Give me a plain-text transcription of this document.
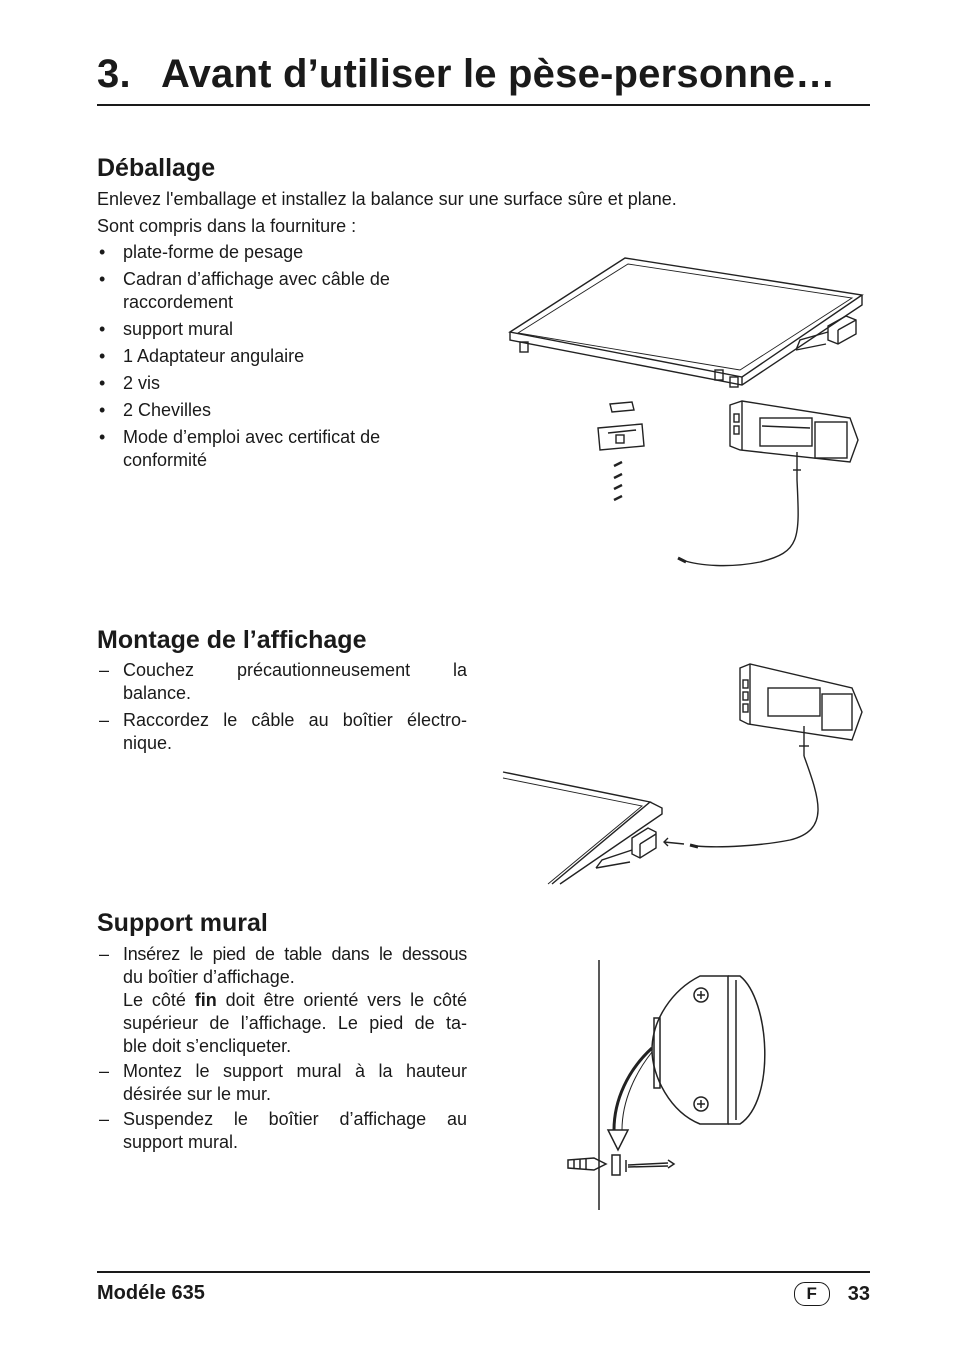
3. Avant d’utiliser le pèse-personne…
Déballage

Enlevez l'emballage et installez la balance sur une surface sûre et plane.

Sont compris dans la fourniture :

• plate-forme de pesage
• Cadran d’affichage avec câble de
raccordement
• support mural
• 1 Adaptateur angulaire
• 2 vis
• 2 Chevilles
• Mode d’emploi avec certificat de
conformité
Montage de l’affichage
– Couchez précautionneusement la
balance.
– Raccordez le câble au boîtier électro-
nique.
Support mural
– Insérez le pied de table dans le dessous
du boîtier d’affichage.
Le côté fin doit être orienté vers le côté
supérieur de l’affichage. Le pied de ta-
ble doit s’encliqueter.
– Montez le support mural à la hauteur
désirée sur le mur.
– Suspendez le boîtier d’affichage au
support mural.
Modéle 635	F	33
